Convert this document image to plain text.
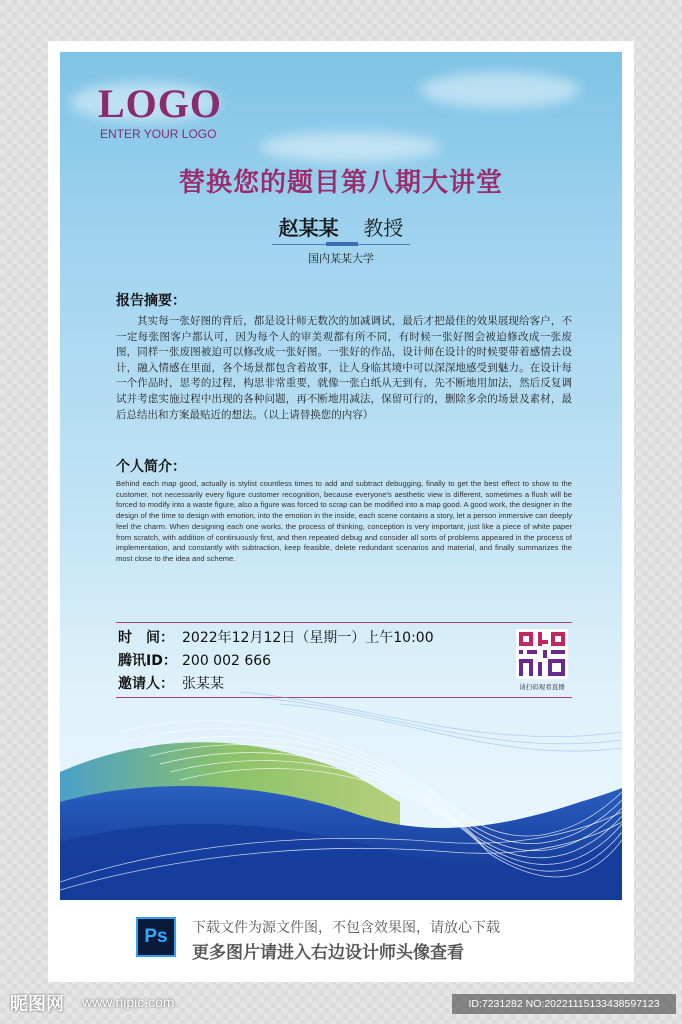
LOGO
ENTER YOUR LOGO
替换您的题目第八期大讲堂
赵某某 教授
国内某某大学
报告摘要：

其实每一张好图的背后，都是设计师无数次的加减调试，最后才把最佳的效果展现给客户，不一定每张图客户都认可，因为每个人的审美观都有所不同，有时候一张好图会被迫修改成一张废图，同样一张废图被迫可以修改成一张好图。一张好的作品，设计师在设计的时候要带着感情去设计，融入情感在里面，各个场景都包含着故事，让人身临其境中可以深深地感受到魅力。在设计每一个作品时，思考的过程，构思非常重要，就像一张白纸从无到有，先不断地用加法，然后反复调试并考虑实施过程中出现的各种问题，再不断地用减法，保留可行的，删除多余的场景及素材，最后总结出和方案最贴近的想法。（以上请替换您的内容）

个人简介：

Behind each map good, actually is stylist countless times to add and subtract debugging, finally to get the best effect to show to the customer, not necessarily every figure customer recognition, because everyone's aesthetic view is different, sometimes a flush will be forced to modify into a waste figure, also a figure was forced to scrap can be modified into a map good. A good work, the designer in the design of the time to design with emotion, into the emotion in the inside, each scene contains a story, let a person immersive can deeply feel the charm. When designing each one works, the process of thinking, conception is very important, just like a piece of white paper from scratch, with addition of continuously first, and then repeated debug and consider all sorts of problems appeared in the process of implementation, and constantly with subtraction, keep feasible, delete redundant scenarios and material, and finally summarizes the most close to the idea and scheme.

时　间： 2022年12月12日（星期一）上午10:00
腾讯ID： 200 002 666
邀请人： 张某某	请扫码观看直播
Ps	下载文件为源文件图，不包含效果图，请放心下载
更多图片请进入右边设计师头像查看
昵图网 www.nipic.com	ID:7231282 NO:20221115133438597123
